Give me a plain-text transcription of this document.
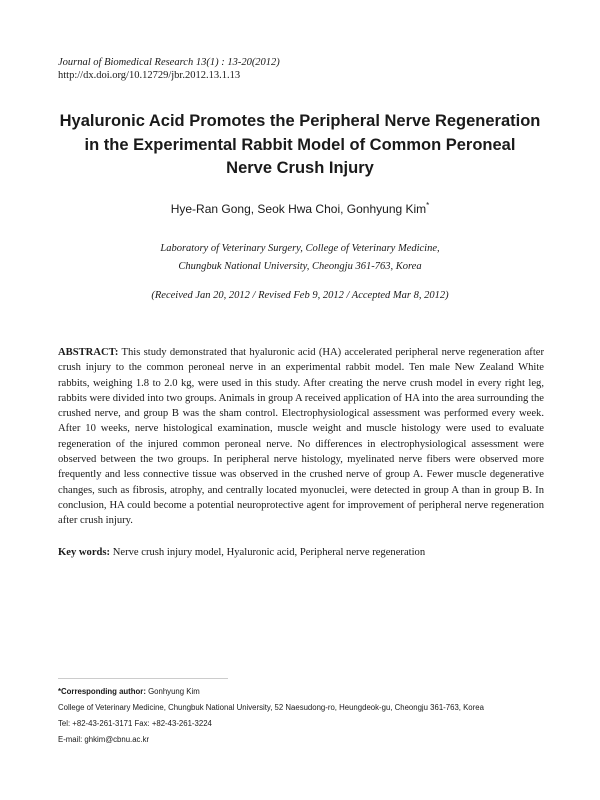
Journal of Biomedical Research 13(1) : 13-20(2012)
http://dx.doi.org/10.12729/jbr.2012.13.1.13
Hyaluronic Acid Promotes the Peripheral Nerve Regeneration
in the Experimental Rabbit Model of Common Peroneal
Nerve Crush Injury
Hye-Ran Gong, Seok Hwa Choi, Gonhyung Kim*
Laboratory of Veterinary Surgery, College of Veterinary Medicine,
Chungbuk National University, Cheongju 361-763, Korea
(Received Jan 20, 2012 / Revised Feb 9, 2012 / Accepted Mar 8, 2012)
ABSTRACT: This study demonstrated that hyaluronic acid (HA) accelerated peripheral nerve regeneration after crush injury to the common peroneal nerve in an experimental rabbit model. Ten male New Zealand White rabbits, weighing 1.8 to 2.0 kg, were used in this study. After creating the nerve crush model in every right leg, rabbits were divided into two groups. Animals in group A received application of HA into the area surrounding the crushed nerve, and group B was the sham control. Electrophysiological assessment was performed every week. After 10 weeks, nerve histological examination, muscle weight and muscle histology were used to evaluate regeneration of the injured common peroneal nerve. No differences in electrophysiological assessment were observed between the two groups. In peripheral nerve histology, myelinated nerve fibers were observed more frequently and less connective tissue was observed in the crushed nerve of group A. Fewer muscle degenerative changes, such as fibrosis, atrophy, and centrally located myonuclei, were detected in group A than in group B. In conclusion, HA could become a potential neuroprotective agent for improvement of peripheral nerve regeneration after crush injury.
Key words: Nerve crush injury model, Hyaluronic acid, Peripheral nerve regeneration
*Corresponding author: Gonhyung Kim
College of Veterinary Medicine, Chungbuk National University, 52 Naesudong-ro, Heungdeok-gu, Cheongju 361-763, Korea
Tel: +82-43-261-3171 Fax: +82-43-261-3224
E-mail: ghkim@cbnu.ac.kr
